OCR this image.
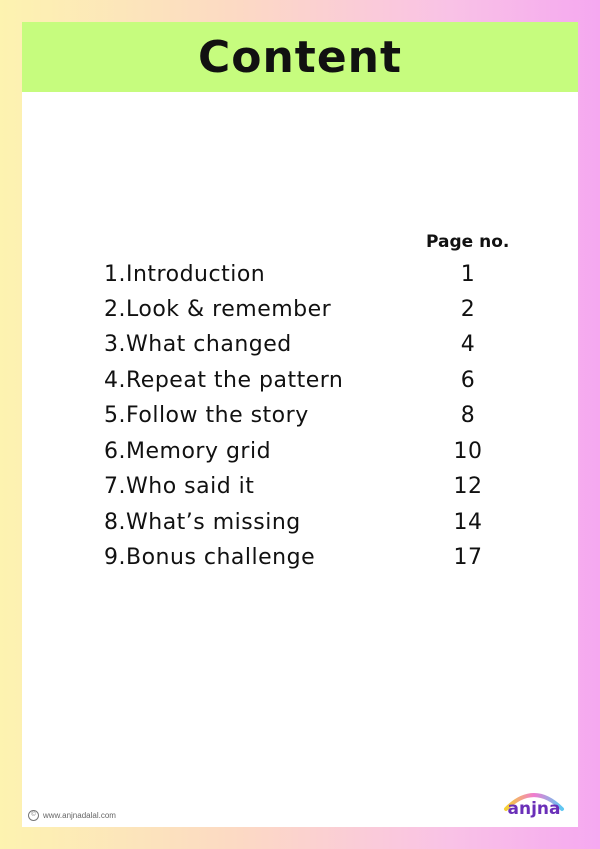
Content
Page no.
1. Introduction	1
2. Look & remember	2
3. What changed	4
4. Repeat the pattern	6
5. Follow the story	8
6. Memory grid	10
7. Who said it	12
8. What’s missing	14
9. Bonus challenge	17
© www.anjnadalal.com	anjna
